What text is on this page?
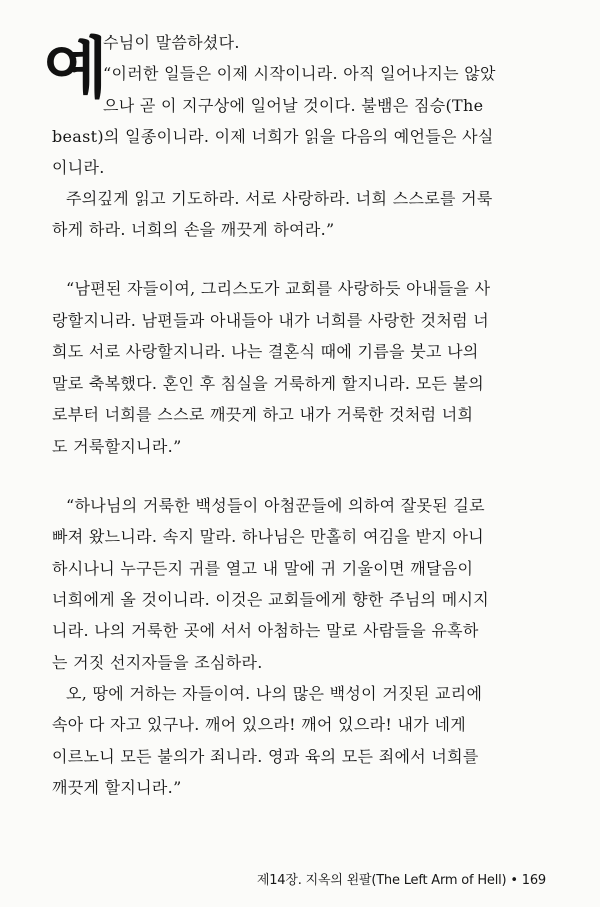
예
수님이 말씀하셨다.
“이러한 일들은 이제 시작이니라. 아직 일어나지는 않았
으나 곧 이 지구상에 일어날 것이다. 불뱀은 짐승(The
beast)의 일종이니라. 이제 너희가 읽을 다음의 예언들은 사실
이니라.
주의깊게 읽고 기도하라. 서로 사랑하라. 너희 스스로를 거룩
하게 하라. 너희의 손을 깨끗게 하여라.”
“남편된 자들이여, 그리스도가 교회를 사랑하듯 아내들을 사
랑할지니라. 남편들과 아내들아 내가 너희를 사랑한 것처럼 너
희도 서로 사랑할지니라. 나는 결혼식 때에 기름을 붓고 나의
말로 축복했다. 혼인 후 침실을 거룩하게 할지니라. 모든 불의
로부터 너희를 스스로 깨끗게 하고 내가 거룩한 것처럼 너희
도 거룩할지니라.”
“하나님의 거룩한 백성들이 아첨꾼들에 의하여 잘못된 길로
빠져 왔느니라. 속지 말라. 하나님은 만홀히 여김을 받지 아니
하시나니 누구든지 귀를 열고 내 말에 귀 기울이면 깨달음이
너희에게 올 것이니라. 이것은 교회들에게 향한 주님의 메시지
니라. 나의 거룩한 곳에 서서 아첨하는 말로 사람들을 유혹하
는 거짓 선지자들을 조심하라.
오, 땅에 거하는 자들이여. 나의 많은 백성이 거짓된 교리에
속아 다 자고 있구나. 깨어 있으라! 깨어 있으라! 내가 네게
이르노니 모든 불의가 죄니라. 영과 육의 모든 죄에서 너희를
깨끗게 할지니라.”
제14장. 지옥의 왼팔(The Left Arm of Hell) • 169
